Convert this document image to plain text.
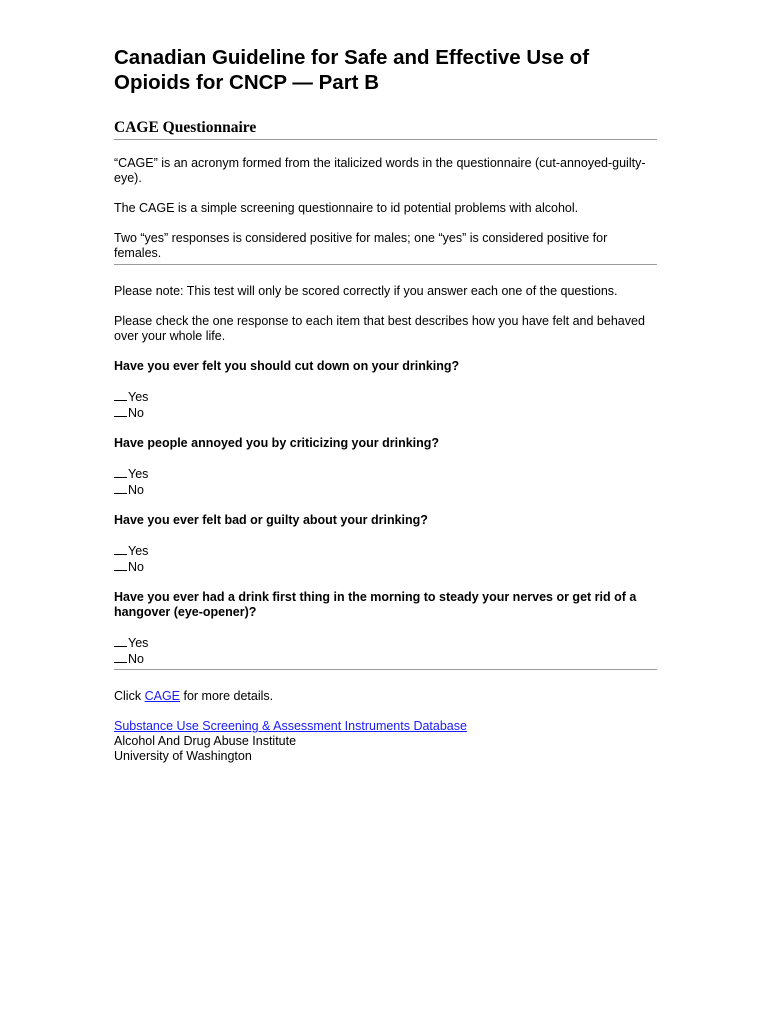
Canadian Guideline for Safe and Effective Use of
Opioids for CNCP — Part B
CAGE Questionnaire

“CAGE” is an acronym formed from the italicized words in the questionnaire (cut-annoyed-guilty-eye).

The CAGE is a simple screening questionnaire to id potential problems with alcohol.

Two “yes” responses is considered positive for males; one “yes” is considered positive for females.

Please note: This test will only be scored correctly if you answer each one of the questions.

Please check the one response to each item that best describes how you have felt and behaved over your whole life.

Have you ever felt you should cut down on your drinking?

Yes
No

Have people annoyed you by criticizing your drinking?

Yes
No

Have you ever felt bad or guilty about your drinking?

Yes
No

Have you ever had a drink first thing in the morning to steady your nerves or get rid of a hangover (eye-opener)?

Yes
No

Click CAGE for more details.

Substance Use Screening & Assessment Instruments Database

Alcohol And Drug Abuse Institute

University of Washington
